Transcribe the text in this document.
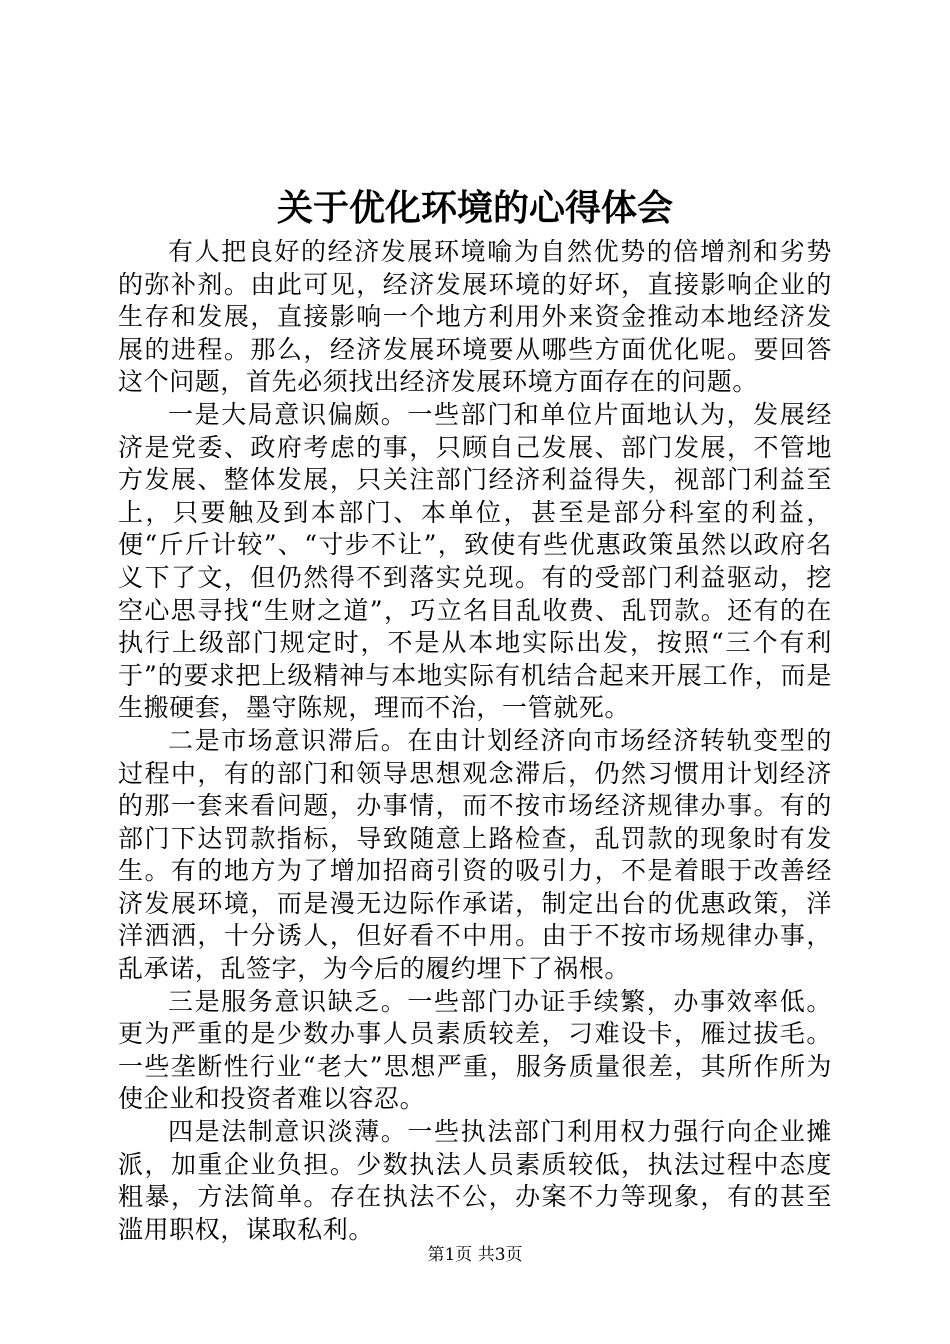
关于优化环境的心得体会

有人把良好的经济发展环境喻为自然优势的倍增剂和劣势的弥补剂。由此可见，经济发展环境的好坏，直接影响企业的生存和发展，直接影响一个地方利用外来资金推动本地经济发展的进程。那么，经济发展环境要从哪些方面优化呢。要回答这个问题，首先必须找出经济发展环境方面存在的问题。

一是大局意识偏颇。一些部门和单位片面地认为，发展经济是党委、政府考虑的事，只顾自己发展、部门发展，不管地方发展、整体发展，只关注部门经济利益得失，视部门利益至上，只要触及到本部门、本单位，甚至是部分科室的利益，便“斤斤计较”、“寸步不让”，致使有些优惠政策虽然以政府名义下了文，但仍然得不到落实兑现。有的受部门利益驱动，挖空心思寻找“生财之道”，巧立名目乱收费、乱罚款。还有的在执行上级部门规定时，不是从本地实际出发，按照“三个有利于”的要求把上级精神与本地实际有机结合起来开展工作，而是生搬硬套，墨守陈规，理而不治，一管就死。

二是市场意识滞后。在由计划经济向市场经济转轨变型的过程中，有的部门和领导思想观念滞后，仍然习惯用计划经济的那一套来看问题，办事情，而不按市场经济规律办事。有的部门下达罚款指标，导致随意上路检查，乱罚款的现象时有发生。有的地方为了增加招商引资的吸引力，不是着眼于改善经济发展环境，而是漫无边际作承诺，制定出台的优惠政策，洋洋洒洒，十分诱人，但好看不中用。由于不按市场规律办事，乱承诺，乱签字，为今后的履约埋下了祸根。

三是服务意识缺乏。一些部门办证手续繁，办事效率低。更为严重的是少数办事人员素质较差，刁难设卡，雁过拔毛。一些垄断性行业“老大”思想严重，服务质量很差，其所作所为使企业和投资者难以容忍。

四是法制意识淡薄。一些执法部门利用权力强行向企业摊派，加重企业负担。少数执法人员素质较低，执法过程中态度粗暴，方法简单。存在执法不公，办案不力等现象，有的甚至滥用职权，谋取私利。

第1页 共3页
